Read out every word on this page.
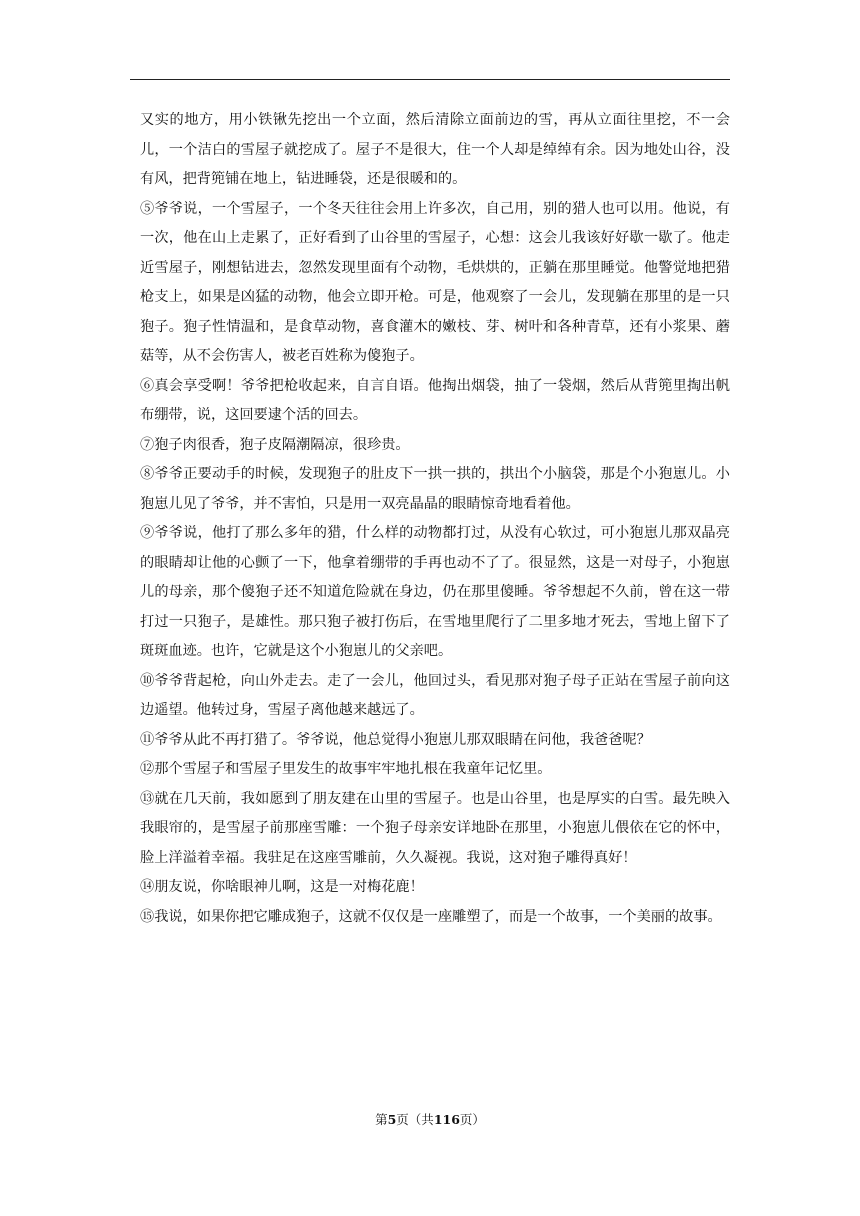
又实的地方，用小铁锹先挖出一个立面，然后清除立面前边的雪，再从立面往里挖，不一会儿，一个洁白的雪屋子就挖成了。屋子不是很大，住一个人却是绰绰有余。因为地处山谷，没有风，把背篼铺在地上，钻进睡袋，还是很暖和的。

⑤爷爷说，一个雪屋子，一个冬天往往会用上许多次，自己用，别的猎人也可以用。他说，有一次，他在山上走累了，正好看到了山谷里的雪屋子，心想：这会儿我该好好歇一歇了。他走近雪屋子，刚想钻进去，忽然发现里面有个动物，毛烘烘的，正躺在那里睡觉。他警觉地把猎枪支上，如果是凶猛的动物，他会立即开枪。可是，他观察了一会儿，发现躺在那里的是一只狍子。狍子性情温和，是食草动物，喜食灌木的嫩枝、芽、树叶和各种青草，还有小浆果、蘑菇等，从不会伤害人，被老百姓称为傻狍子。

⑥真会享受啊！爷爷把枪收起来，自言自语。他掏出烟袋，抽了一袋烟，然后从背篼里掏出帆布绷带，说，这回要逮个活的回去。

⑦狍子肉很香，狍子皮隔潮隔凉，很珍贵。

⑧爷爷正要动手的时候，发现狍子的肚皮下一拱一拱的，拱出个小脑袋，那是个小狍崽儿。小狍崽儿见了爷爷，并不害怕，只是用一双亮晶晶的眼睛惊奇地看着他。

⑨爷爷说，他打了那么多年的猎，什么样的动物都打过，从没有心软过，可小狍崽儿那双晶亮的眼睛却让他的心颤了一下，他拿着绷带的手再也动不了了。很显然，这是一对母子，小狍崽儿的母亲，那个傻狍子还不知道危险就在身边，仍在那里傻睡。爷爷想起不久前，曾在这一带打过一只狍子，是雄性。那只狍子被打伤后，在雪地里爬行了二里多地才死去，雪地上留下了斑斑血迹。也许，它就是这个小狍崽儿的父亲吧。

⑩爷爷背起枪，向山外走去。走了一会儿，他回过头，看见那对狍子母子正站在雪屋子前向这边遥望。他转过身，雪屋子离他越来越远了。

⑪爷爷从此不再打猎了。爷爷说，他总觉得小狍崽儿那双眼睛在问他，我爸爸呢？

⑫那个雪屋子和雪屋子里发生的故事牢牢地扎根在我童年记忆里。

⑬就在几天前，我如愿到了朋友建在山里的雪屋子。也是山谷里，也是厚实的白雪。最先映入我眼帘的，是雪屋子前那座雪雕：一个狍子母亲安详地卧在那里，小狍崽儿偎依在它的怀中，脸上洋溢着幸福。我驻足在这座雪雕前，久久凝视。我说，这对狍子雕得真好！

⑭朋友说，你啥眼神儿啊，这是一对梅花鹿！

⑮我说，如果你把它雕成狍子，这就不仅仅是一座雕塑了，而是一个故事，一个美丽的故事。

第5页（共116页）
